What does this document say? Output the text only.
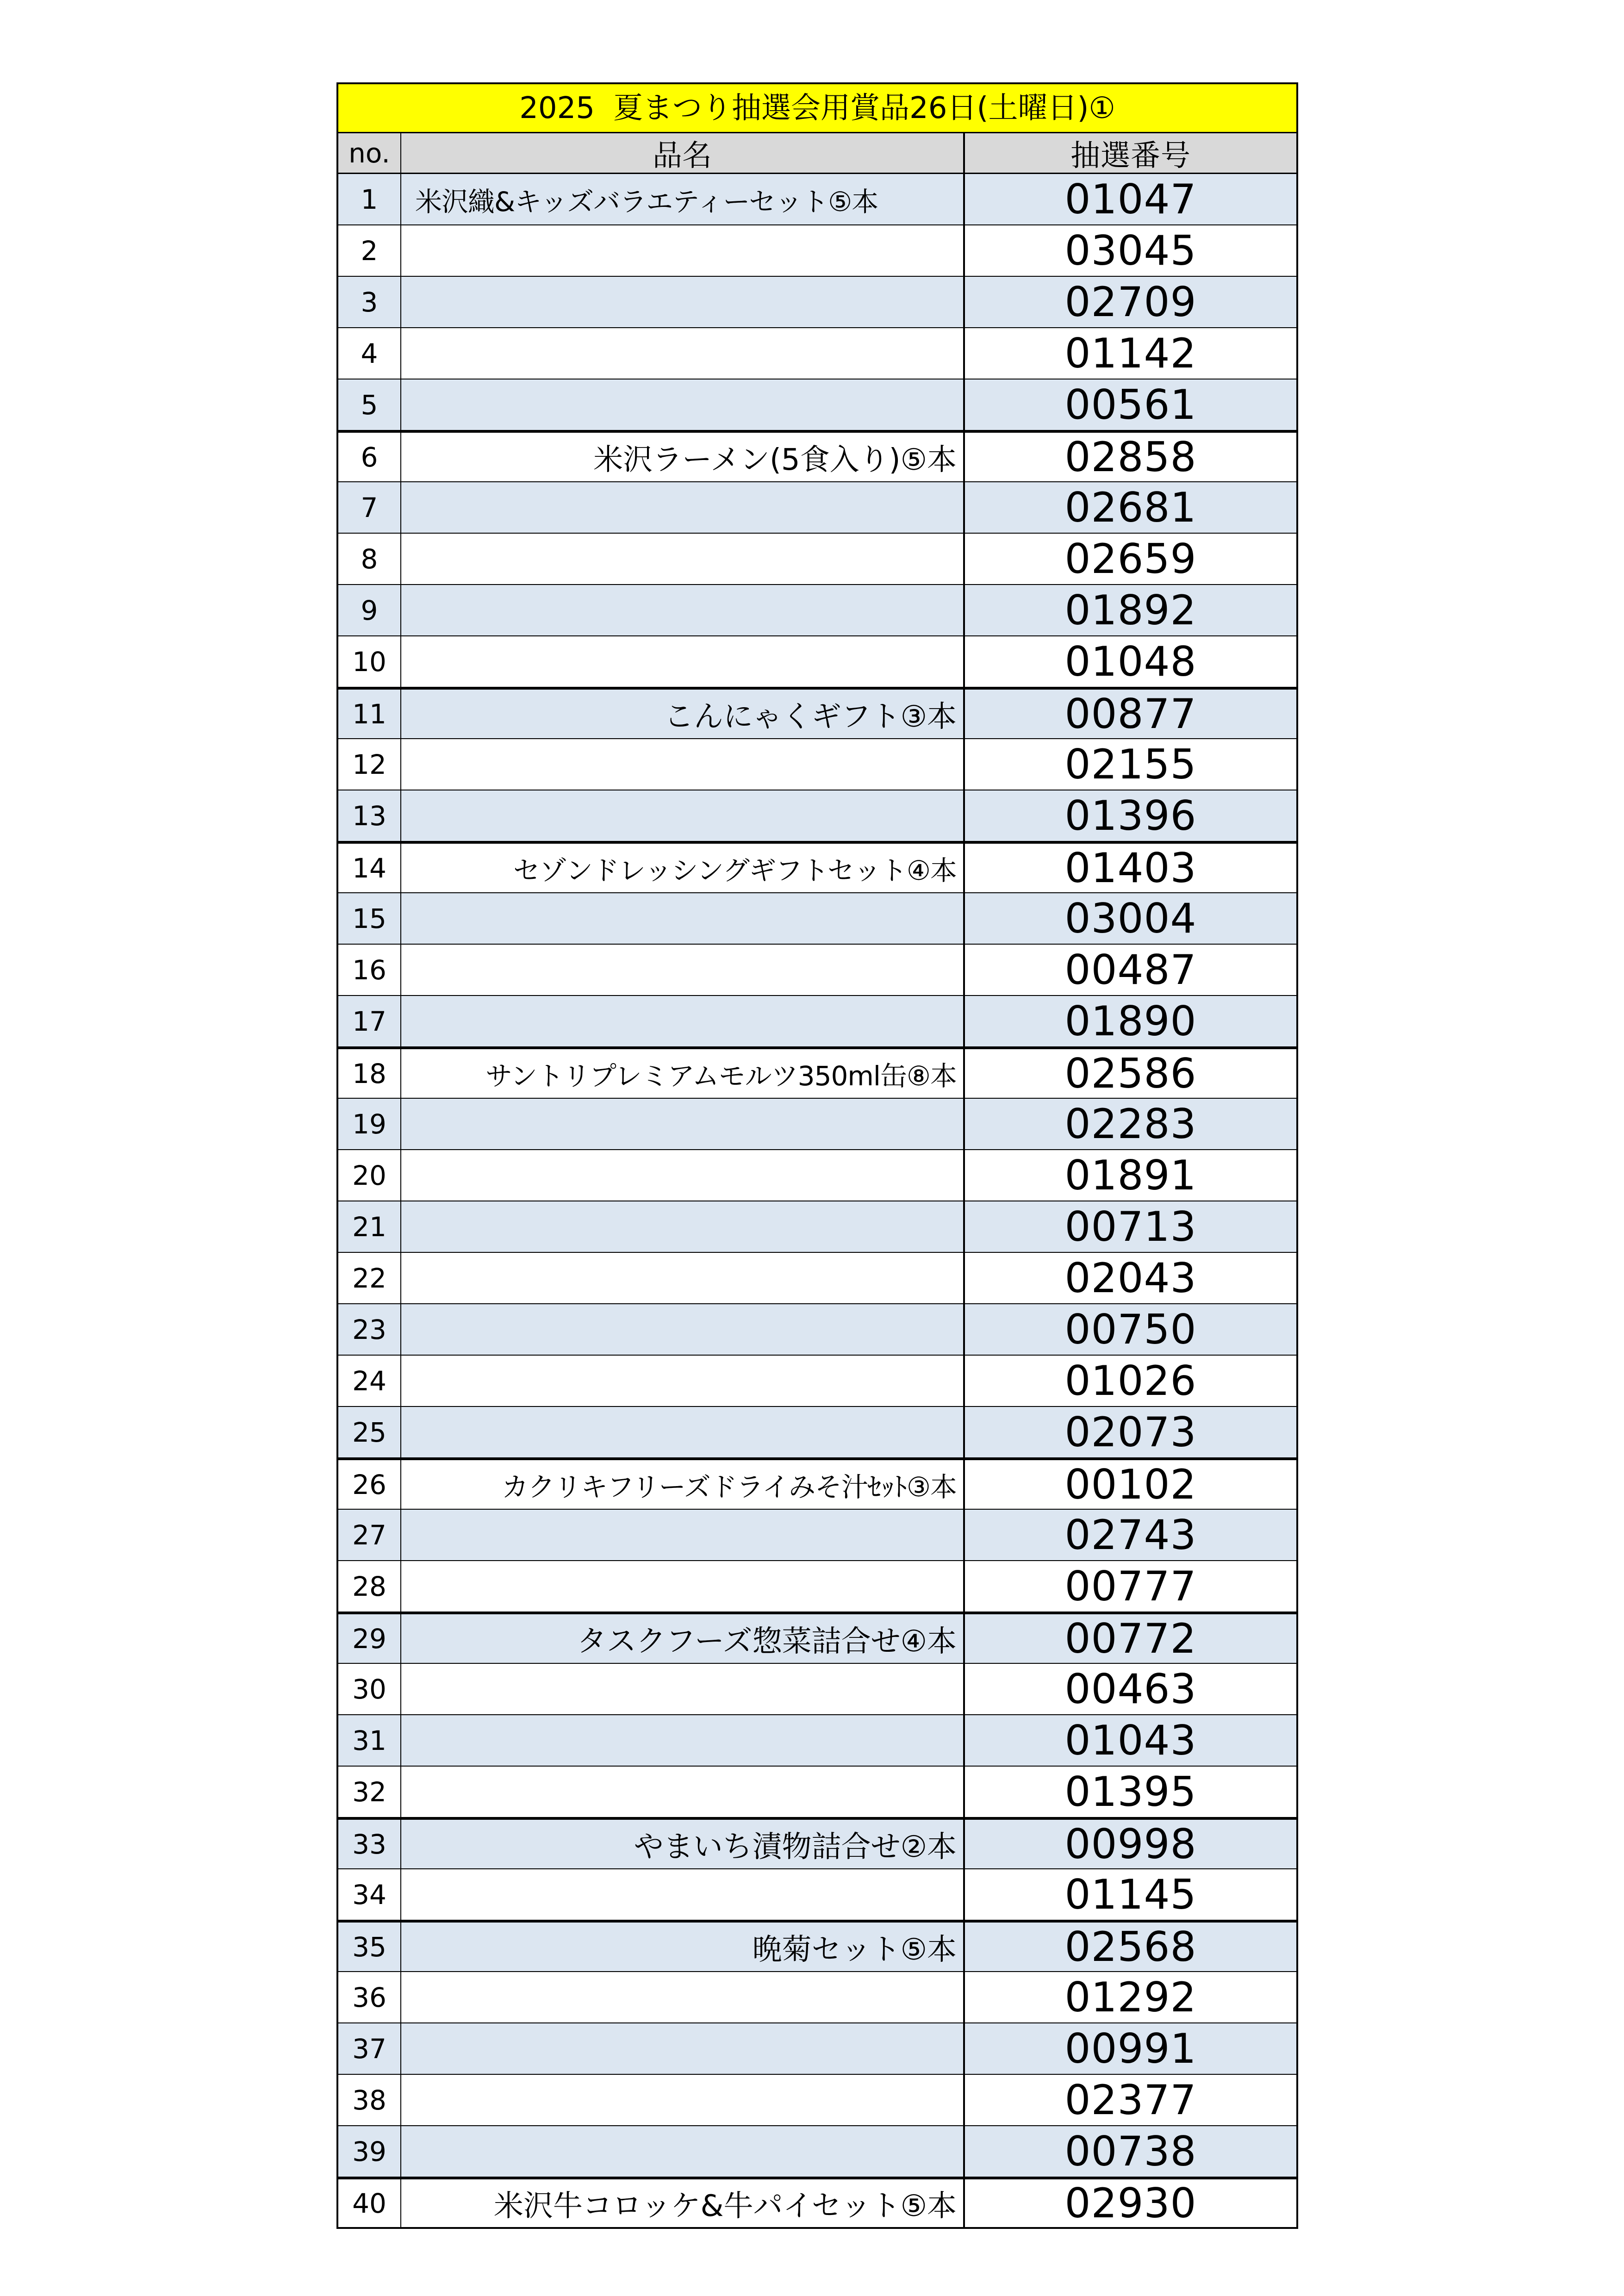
2025 夏まつり抽選会用賞品26日(土曜日)①
no.	品名	抽選番号
1	米沢織&キッズバラエティーセット⑤本	01047
2	03045
3	02709
4	01142
5	00561
6	米沢ラーメン(5食入り)⑤本	02858
7	02681
8	02659
9	01892
10	01048
11	こんにゃくギフト③本	00877
12	02155
13	01396
14	セゾンドレッシングギフトセット④本	01403
15	03004
16	00487
17	01890
18	サントリプレミアムモルツ350ml缶⑧本	02586
19	02283
20	01891
21	00713
22	02043
23	00750
24	01026
25	02073
26	カクリキフリーズドライみそ汁ｾｯﾄ③本	00102
27	02743
28	00777
29	タスクフーズ惣菜詰合せ④本	00772
30	00463
31	01043
32	01395
33	やまいち漬物詰合せ②本	00998
34	01145
35	晩菊セット⑤本	02568
36	01292
37	00991
38	02377
39	00738
40	米沢牛コロッケ&牛パイセット⑤本	02930
